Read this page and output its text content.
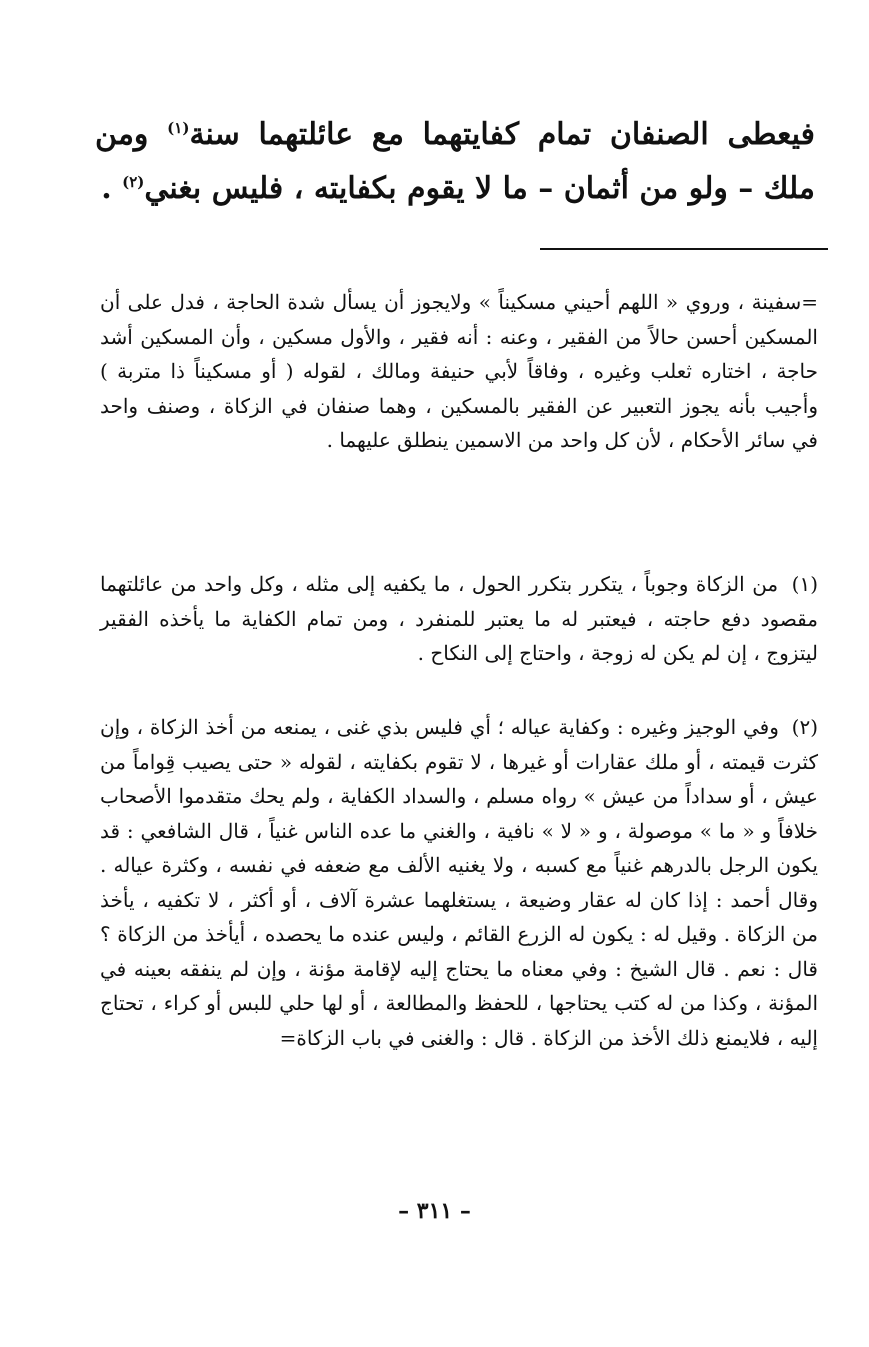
فيعطى الصنفان تمام كفايتهما مع عائلتهما سنة$^{(١)}$ ومن ملك – ولو من أثمان – ما لا يقوم بكفايته ، فليس بغني$^{(٢)}$ .
=سفينة ، وروي « اللهم أحيني مسكيناً » ولايجوز أن يسأل شدة الحاجة ، فدل على أن المسكين أحسن حالاً من الفقير ، وعنه : أنه فقير ، والأول مسكين ، وأن المسكين أشد حاجة ، اختاره ثعلب وغيره ، وفاقاً لأبي حنيفة ومالك ، لقوله ( أو مسكيناً ذا متربة ) وأجيب بأنه يجوز التعبير عن الفقير بالمسكين ، وهما صنفان في الزكاة ، وصنف واحد في سائر الأحكام ، لأن كل واحد من الاسمين ينطلق عليهما .
(١) من الزكاة وجوباً ، يتكرر بتكرر الحول ، ما يكفيه إلى مثله ، وكل واحد من عائلتهما مقصود دفع حاجته ، فيعتبر له ما يعتبر للمنفرد ، ومن تمام الكفاية ما يأخذه الفقير ليتزوج ، إن لم يكن له زوجة ، واحتاج إلى النكاح .
(٢) وفي الوجيز وغيره : وكفاية عياله ؛ أي فليس بذي غنى ، يمنعه من أخذ الزكاة ، وإن كثرت قيمته ، أو ملك عقارات أو غيرها ، لا تقوم بكفايته ، لقوله « حتى يصيب قِواماً من عيش ، أو سداداً من عيش » رواه مسلم ، والسداد الكفاية ، ولم يحك متقدموا الأصحاب خلافاً و « ما » موصولة ، و « لا » نافية ، والغني ما عده الناس غنياً ، قال الشافعي : قد يكون الرجل بالدرهم غنياً مع كسبه ، ولا يغنيه الألف مع ضعفه في نفسه ، وكثرة عياله . وقال أحمد : إذا كان له عقار وضيعة ، يستغلهما عشرة آلاف ، أو أكثر ، لا تكفيه ، يأخذ من الزكاة . وقيل له : يكون له الزرع القائم ، وليس عنده ما يحصده ، أيأخذ من الزكاة ؟ قال : نعم . قال الشيخ : وفي معناه ما يحتاج إليه لإقامة مؤنة ، وإن لم ينفقه بعينه في المؤنة ، وكذا من له كتب يحتاجها ، للحفظ والمطالعة ، أو لها حلي للبس أو كراء ، تحتاج إليه ، فلايمنع ذلك الأخذ من الزكاة . قال : والغنى في باب الزكاة=
– ٣١١ –
